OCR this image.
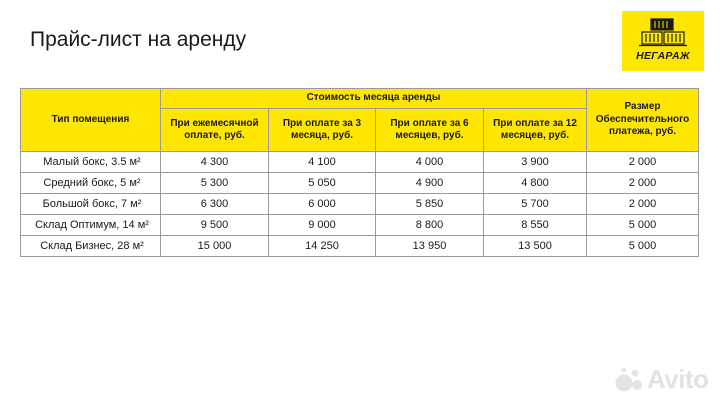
Прайс-лист на аренду
НЕГАРАЖ
Тип помещения	Стоимость месяца аренды				Размер Обеспечительного платежа, руб.
	При ежемесячной оплате, руб.	При оплате за 3 месяца, руб.	При оплате за 6 месяцев, руб.	При оплате за 12 месяцев, руб.	
Малый бокс, 3.5 м²	4 300	4 100	4 000	3 900	2 000
Средний бокс, 5 м²	5 300	5 050	4 900	4 800	2 000
Большой бокс, 7 м²	6 300	6 000	5 850	5 700	2 000
Склад Оптимум, 14 м²	9 500	9 000	8 800	8 550	5 000
Склад Бизнес, 28 м²	15 000	14 250	13 950	13 500	5 000
Avito
